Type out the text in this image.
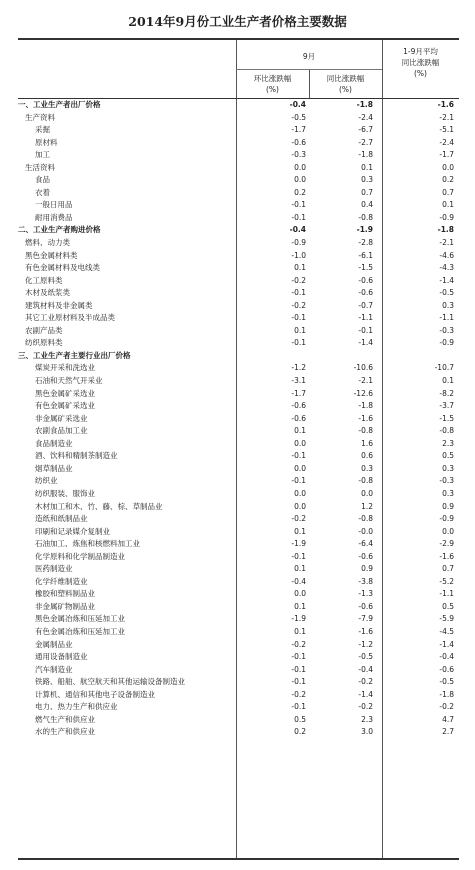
2014年9月份工业生产者价格主要数据
9月
环比涨跌幅
(%)
同比涨跌幅
(%)
1-9月平均
同比涨跌幅
(%)
一、工业生产者出厂价格	-0.4	-1.8	-1.6
生产资料	-0.5	-2.4	-2.1
采掘	-1.7	-6.7	-5.1
原材料	-0.6	-2.7	-2.4
加工	-0.3	-1.8	-1.7
生活资料	0.0	0.1	0.0
食品	0.0	0.3	0.2
衣着	0.2	0.7	0.7
一般日用品	-0.1	0.4	0.1
耐用消费品	-0.1	-0.8	-0.9
二、工业生产者购进价格	-0.4	-1.9	-1.8
燃料、动力类	-0.9	-2.8	-2.1
黑色金属材料类	-1.0	-6.1	-4.6
有色金属材料及电线类	0.1	-1.5	-4.3
化工原料类	-0.2	-0.6	-1.4
木材及纸浆类	-0.1	-0.6	-0.5
建筑材料及非金属类	-0.2	-0.7	0.3
其它工业原材料及半成品类	-0.1	-1.1	-1.1
农副产品类	0.1	-0.1	-0.3
纺织原料类	-0.1	-1.4	-0.9
三、工业生产者主要行业出厂价格
煤炭开采和洗选业	-1.2	-10.6	-10.7
石油和天然气开采业	-3.1	-2.1	0.1
黑色金属矿采选业	-1.7	-12.6	-8.2
有色金属矿采选业	-0.6	-1.8	-3.7
非金属矿采选业	-0.6	-1.6	-1.5
农副食品加工业	0.1	-0.8	-0.8
食品制造业	0.0	1.6	2.3
酒、饮料和精制茶制造业	-0.1	0.6	0.5
烟草制品业	0.0	0.3	0.3
纺织业	-0.1	-0.8	-0.3
纺织服装、服饰业	0.0	0.0	0.3
木材加工和木、竹、藤、棕、草制品业	0.0	1.2	0.9
造纸和纸制品业	-0.2	-0.8	-0.9
印刷和记录媒介复制业	0.1	-0.0	0.0
石油加工、炼焦和核燃料加工业	-1.9	-6.4	-2.9
化学原料和化学制品制造业	-0.1	-0.6	-1.6
医药制造业	0.1	0.9	0.7
化学纤维制造业	-0.4	-3.8	-5.2
橡胶和塑料制品业	0.0	-1.3	-1.1
非金属矿物制品业	0.1	-0.6	0.5
黑色金属冶炼和压延加工业	-1.9	-7.9	-5.9
有色金属冶炼和压延加工业	0.1	-1.6	-4.5
金属制品业	-0.2	-1.2	-1.4
通用设备制造业	-0.1	-0.5	-0.4
汽车制造业	-0.1	-0.4	-0.6
铁路、船舶、航空航天和其他运输设备制造业	-0.1	-0.2	-0.5
计算机、通信和其他电子设备制造业	-0.2	-1.4	-1.8
电力、热力生产和供应业	-0.1	-0.2	-0.2
燃气生产和供应业	0.5	2.3	4.7
水的生产和供应业	0.2	3.0	2.7
